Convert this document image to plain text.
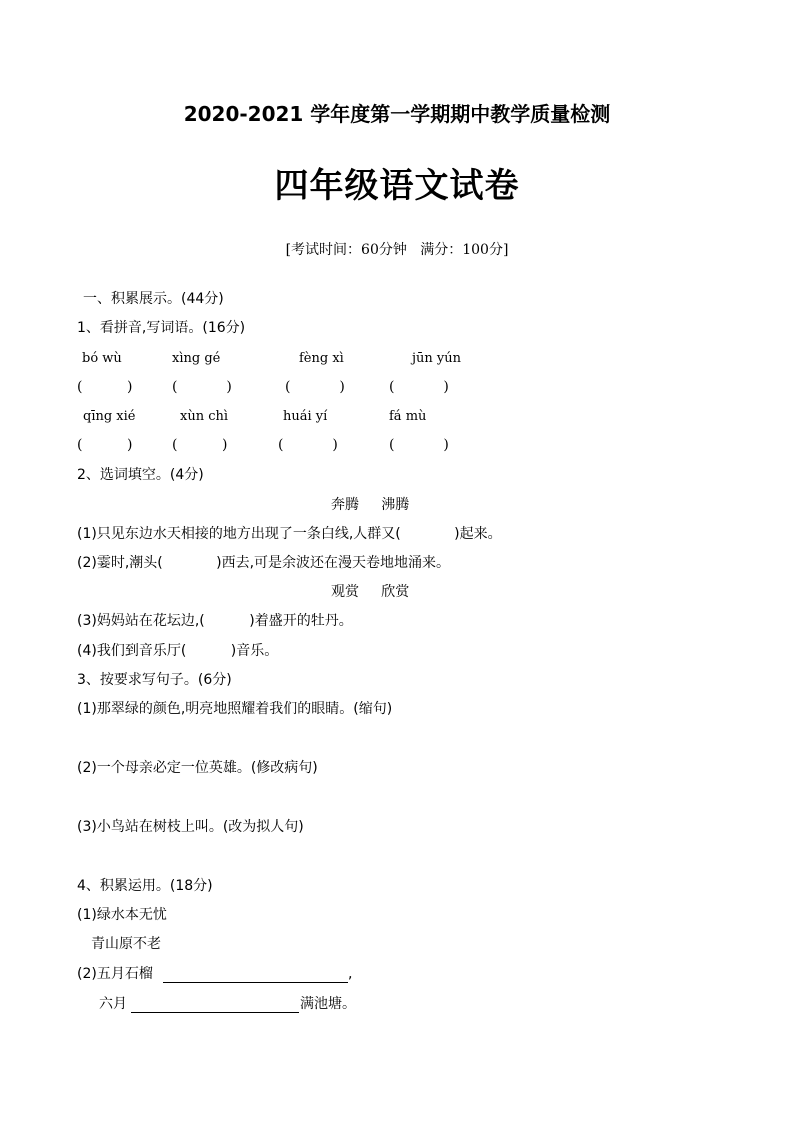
2020-2021 学年度第一学期期中教学质量检测
四年级语文试卷
[考试时间：60分钟   满分：100分]
一、积累展示。(44分)
1、看拼音,写词语。(16分)
bó wù	xìng gé	fèng xì	jūn yún
(          )	(           )	(           )	(           )
qīng xié	xùn chì	huái yí	fá mù
(          )	(          )	(           )	(           )
2、选词填空。(4分)
奔腾     沸腾
(1)只见东边水天相接的地方出现了一条白线,人群又(            )起来。
(2)霎时,潮头(            )西去,可是余波还在漫天卷地地涌来。
观赏     欣赏
(3)妈妈站在花坛边,(          )着盛开的牡丹。
(4)我们到音乐厅(          )音乐。
3、按要求写句子。(6分)
(1)那翠绿的颜色,明亮地照耀着我们的眼睛。(缩句)
(2)一个母亲必定一位英雄。(修改病句)
(3)小鸟站在树枝上叫。(改为拟人句)
4、积累运用。(18分)
(1)绿水本无忧
青山原不老
(2)五月石榴	,
六月	满池塘。
